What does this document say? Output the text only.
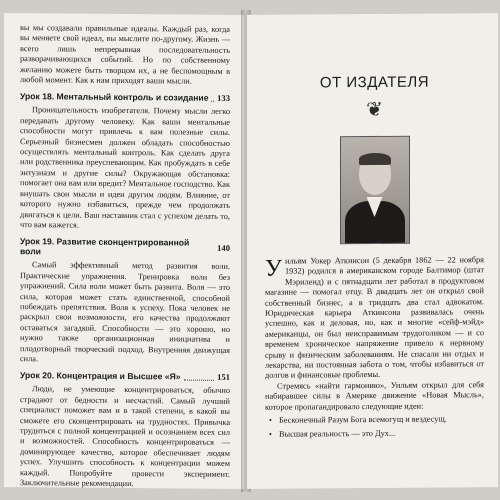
вы мы создавали правильные идеалы. Каждый раз, когда вы меняете свой идеал, вы мыслите по-другому. Жизнь — всего лишь непрерывная последовательность разворачивающихся событий. Но по собственному желанию можете быть творцом их, а не беспомощным в любой момент. Как к нам приходят ваши мысли.

Урок 18. Ментальный контроль и созидание 133

Проницательность изобретателя. Почему мысли легко передавать другому человеку. Как ваши ментальные способности могут привлечь к вам полезные силы. Серьезный бизнесмен должен обладать способностью осуществлять ментальный контроль. Как сделать друга или родственника преуспевающим. Как пробуждать в себе энтузиазм и другие силы? Окружающая обстановка: помогает она вам или вредит? Ментальное господство. Как внушать свои мысли и идеи другим людям. Влияние, от которого нужно избавиться, прежде чем продолжать двигаться к цели. Ваш наставник стал с успехом делать то, что вам кажется.

Урок 19. Развитие сконцентрированной воли	140

Самый эффективный метод развития воли. Практические упражнения. Тренировка воли без упражнений. Сила воли может быть развита. Воля — это сила, которая может стать единственной, способной побеждать препятствия. Воля к успеху. Пока человек не раскрыл свои возможности, его качества продолжают оставаться загадкой. Способности — это хорошо, но нужно также организационная инициатива и плодотворный творческий подход. Внутренняя движущая сила.

Урок 20. Концентрация и Высшее «Я»	151

Люди, не умеющие концентрироваться, обычно страдают от бедности и несчастий. Самый лучший специалист поможет вам и в такой степени, в какой вы сможете его сконцентрировать на трудностях. Привычка трудиться с полной концентрацией и осознанием всех сил и возможностей. Способность концентрироваться — доминирующее качество, которое обеспечивает людям успех. Улучшить способность к концентрации можем каждый. Попробуйте провести эксперимент. Заключительные рекомендации.

ОТ ИЗДАТЕЛЯ
❦

Уильям Уокер Аткинсон (5 декабря 1862 — 22 ноября 1932) родился в американском городе Балтимор (штат Мэриленд) и с пятнадцати лет работал в продуктовом магазине — помогал отцу. В двадцать лет он открыл свой собственный бизнес, а в тридцать два стал адвокатом. Юридическая карьера Аткинсона развивалась очень успешно, как и деловая, но, как и многие «сейф-мэйд» американцы, он был неисправимым трудоголиком — и со временем хроническое напряжение привело к нервному срыву и физическим заболеваниям. Не спасали ни отдых и лекарства, ни постоянная забота о том, чтобы избавиться от долгов и финансовые проблемы.

Стремясь «найти гармонию», Уильям открыл для себя набиравшее силы в Америке движение «Новая Мысль», которое пропагандировало следующие идеи:

• Бесконечный Разум Бога всемогущ и вездесущ.

• Высшая реальность — это Дух...
